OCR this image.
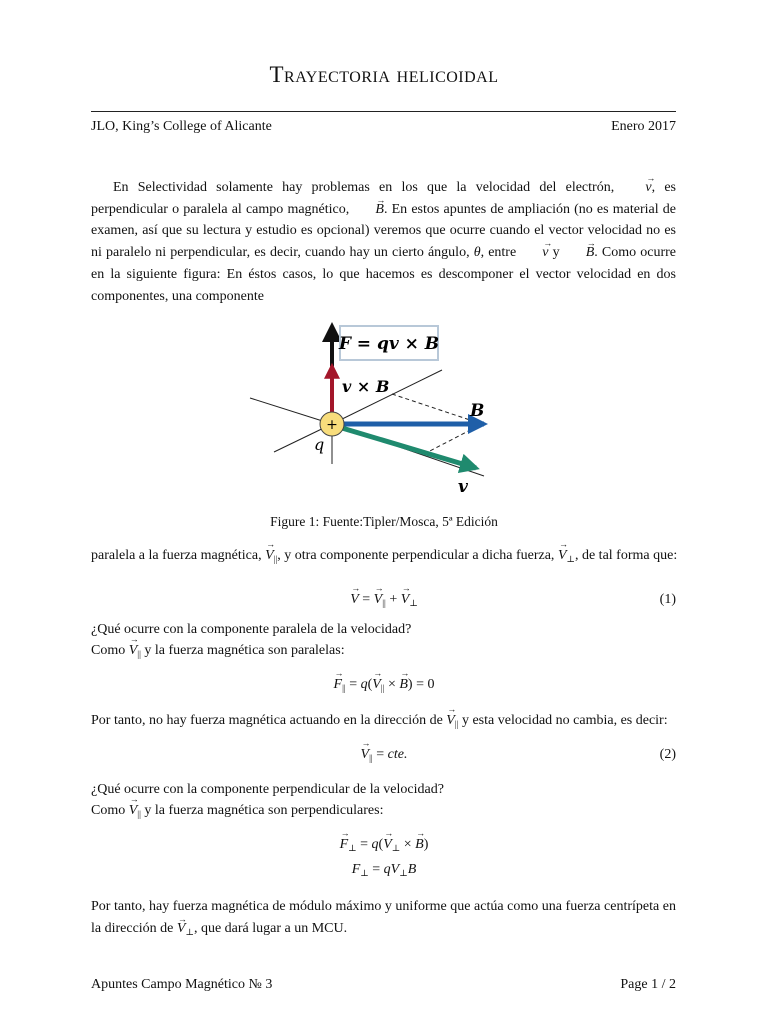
Trayectoria helicoidal
JLO, King’s College of Alicante	Enero 2017

En Selectividad solamente hay problemas en los que la velocidad del electrón, → v, es perpendicular o paralela al campo magnético, → B. En estos apuntes de ampliación (no es material de examen, así que su lectura y estudio es opcional) veremos que ocurre cuando el vector velocidad no es ni paralelo ni perpendicular, es decir, cuando hay un cierto ángulo, θ, entre → v y → B. Como ocurre en la siguiente figura: En éstos casos, lo que hacemos es descomponer el vector velocidad en dos componentes, una componente

+
F = qv × B
v × B
B
v
q
Figure 1: Fuente:Tipler/Mosca, 5ª Edición
paralela a la fuerza magnética, → $V_{||}$, y otra componente perpendicular a dicha fuerza, → $V_\perp$, de tal forma que:
→ V = → $V_{||}$ + → $V_\perp$	(1)
¿Qué ocurre con la componente paralela de la velocidad?
Como → $V_{||}$ y la fuerza magnética son paralelas:
→ $F_{||} = q(\to V_{||}$ × → B) = 0
Por tanto, no hay fuerza magnética actuando en la dirección de → $V_{||}$ y esta velocidad no cambia, es decir:
→ $V_{||}$ = cte.	(2)
¿Qué ocurre con la componente perpendicular de la velocidad?
Como → $V_{||}$ y la fuerza magnética son perpendiculares:
→ $F_\perp = q(\to V_\perp$ × → B)
$F_\perp = qV_\perp B$

Por tanto, hay fuerza magnética de módulo máximo y uniforme que actúa como una fuerza centrípeta en la dirección de → $V_\perp$, que dará lugar a un MCU.

Apuntes Campo Magnético № 3	Page 1 / 2
